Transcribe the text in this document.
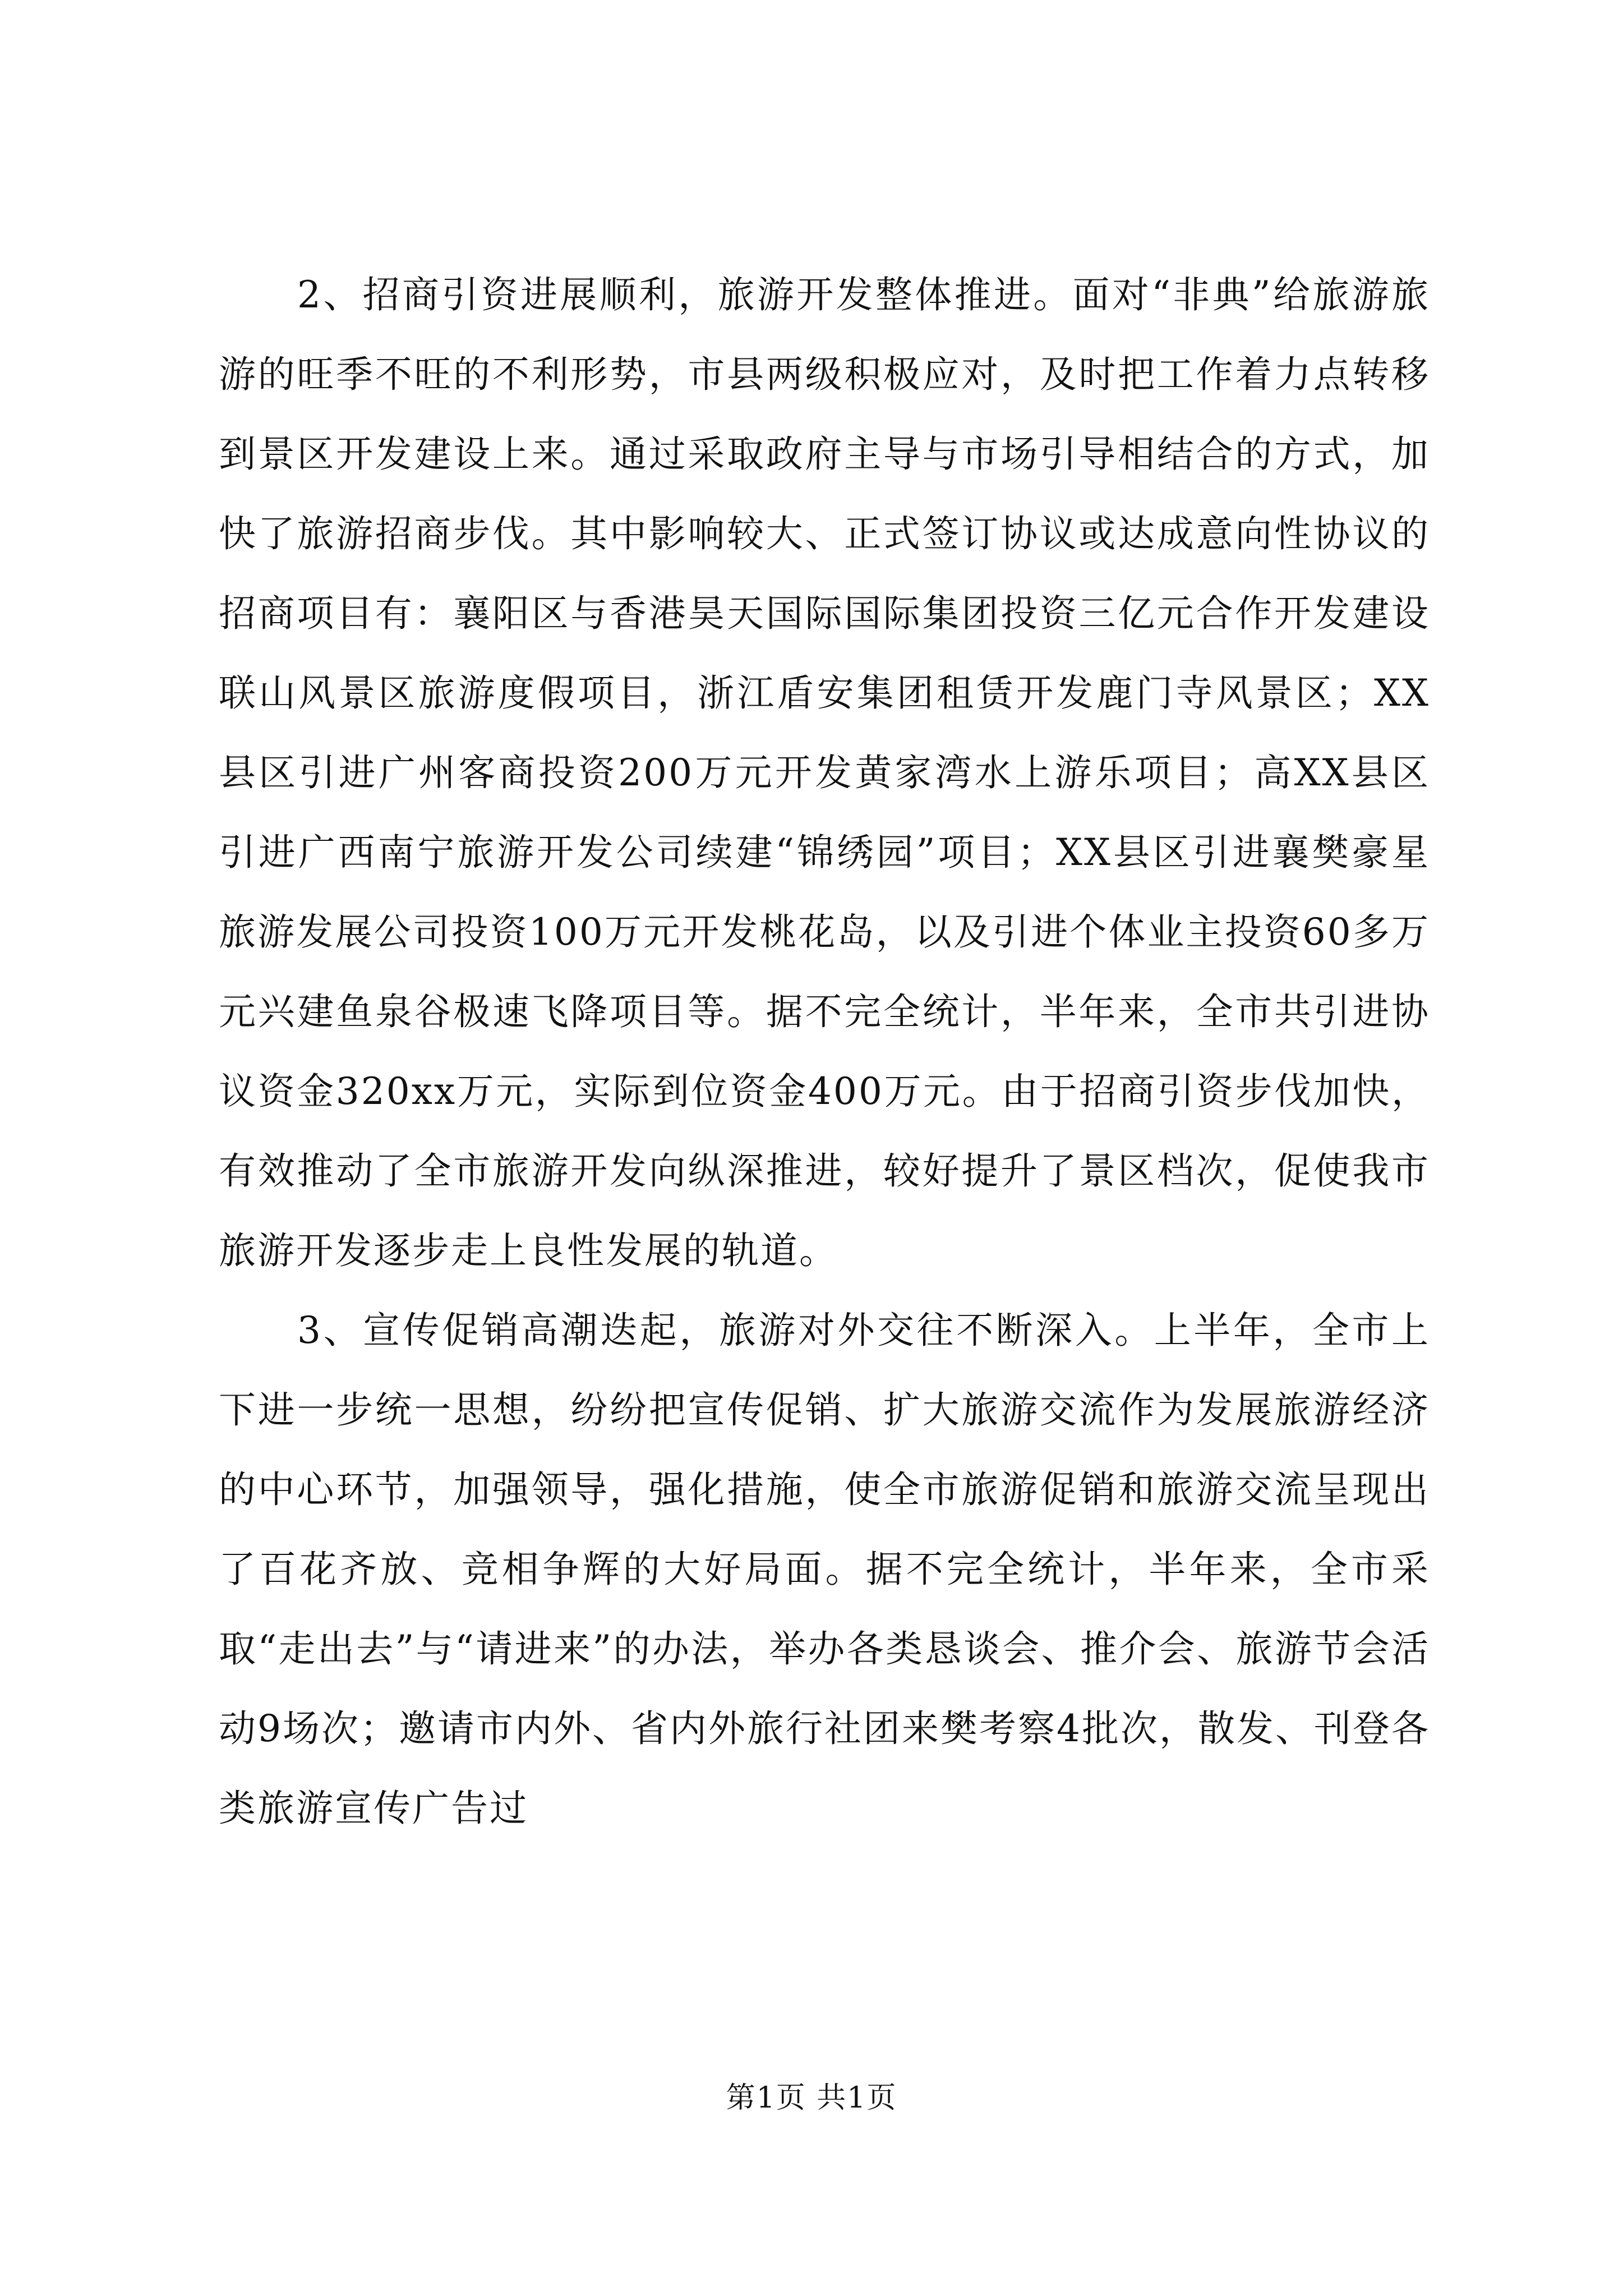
2、招商引资进展顺利，旅游开发整体推进。面对“非典”给旅游旅游的旺季不旺的不利形势，市县两级积极应对，及时把工作着力点转移到景区开发建设上来。通过采取政府主导与市场引导相结合的方式，加快了旅游招商步伐。其中影响较大、正式签订协议或达成意向性协议的招商项目有：襄阳区与香港昊天国际国际集团投资三亿元合作开发建设联山风景区旅游度假项目，浙江盾安集团租赁开发鹿门寺风景区；XX县区引进广州客商投资200万元开发黄家湾水上游乐项目；高XX县区引进广西南宁旅游开发公司续建“锦绣园”项目；XX县区引进襄樊豪星旅游发展公司投资100万元开发桃花岛，以及引进个体业主投资60多万元兴建鱼泉谷极速飞降项目等。据不完全统计，半年来，全市共引进协议资金320xx万元，实际到位资金400万元。由于招商引资步伐加快，有效推动了全市旅游开发向纵深推进，较好提升了景区档次，促使我市旅游开发逐步走上良性发展的轨道。

3、宣传促销高潮迭起，旅游对外交往不断深入。上半年，全市上下进一步统一思想，纷纷把宣传促销、扩大旅游交流作为发展旅游经济的中心环节，加强领导，强化措施，使全市旅游促销和旅游交流呈现出了百花齐放、竞相争辉的大好局面。据不完全统计，半年来，全市采取“走出去”与“请进来”的办法，举办各类恳谈会、推介会、旅游节会活动9场次；邀请市内外、省内外旅行社团来樊考察4批次，散发、刊登各类旅游宣传广告过

第1页 共1页
